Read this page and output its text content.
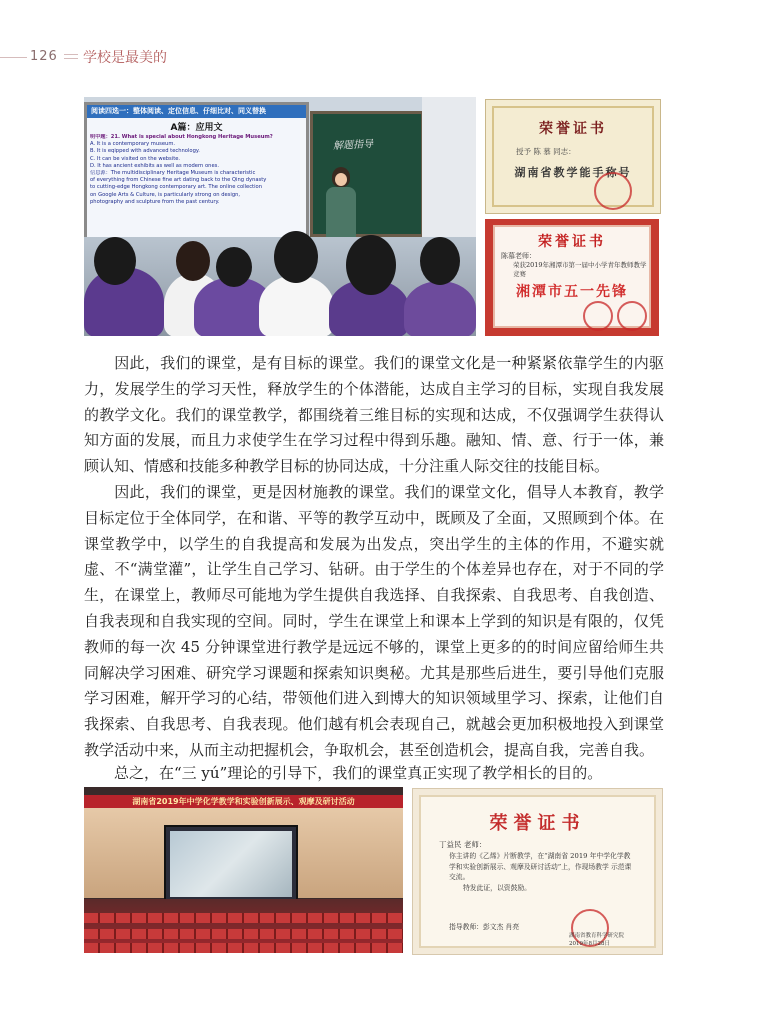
126 学校是最美的
阅读四选一：整体阅读、定位信息、仔细比对、同义替换
A篇：应用文
明中题：21. What is special about Hongkong Heritage Museum?
A. It is a contemporary museum.
B. It is eqipped with advanced technology.
C. It can be visited on the website.
D. It has ancient exhibits as well as modern ones.
信息源：The multidisciplinary Heritage Museum is characteristic
of everything from Chinese fine art dating back to the Qing dynasty
to cutting-edge Hongkong contemporary art. The online collection
on Google Arts & Culture, is particularly strong on design,
photography and sculpture from the past century.
解题指导
荣誉证书
授予 陈 慕 同志：
湖南省教学能手称号
荣誉证书
陈慕老师：
荣获2019年湘潭市第一届中小学青年教师教学竞赛
湘潭市五一先锋
因此，我们的课堂，是有目标的课堂。我们的课堂文化是一种紧紧依靠学生的内驱力，发展学生的学习天性，释放学生的个体潜能，达成自主学习的目标，实现自我发展的教学文化。我们的课堂教学，都围绕着三维目标的实现和达成，不仅强调学生获得认知方面的发展，而且力求使学生在学习过程中得到乐趣。融知、情、意、行于一体，兼顾认知、情感和技能多种教学目标的协同达成，十分注重人际交往的技能目标。
因此，我们的课堂，更是因材施教的课堂。我们的课堂文化，倡导人本教育，教学目标定位于全体同学，在和谐、平等的教学互动中，既顾及了全面，又照顾到个体。在课堂教学中，以学生的自我提高和发展为出发点，突出学生的主体的作用，不避实就虚、不“满堂灌”，让学生自己学习、钻研。由于学生的个体差异也存在，对于不同的学生，在课堂上，教师尽可能地为学生提供自我选择、自我探索、自我思考、自我创造、自我表现和自我实现的空间。同时，学生在课堂上和课本上学到的知识是有限的，仅凭教师的每一次 45 分钟课堂进行教学是远远不够的，课堂上更多的的时间应留给师生共同解决学习困难、研究学习课题和探索知识奥秘。尤其是那些后进生，要引导他们克服学习困难，解开学习的心结，带领他们进入到博大的知识领域里学习、探索，让他们自我探索、自我思考、自我表现。他们越有机会表现自己，就越会更加积极地投入到课堂教学活动中来，从而主动把握机会，争取机会，甚至创造机会，提高自我，完善自我。
总之，在“三 yú”理论的引导下，我们的课堂真正实现了教学相长的目的。
湖南省2019年中学化学教学和实验创新展示、观摩及研讨活动
荣誉证书
丁益民 老师：
你主讲的《乙烯》片断教学，在“湖南省 2019 年中学化学教学和实验创新展示、观摩及研讨活动”上，作现场教学 示范课 交流。
特发此证，以资鼓励。
指导教师：彭文杰 肖亮
湖南省教育科学研究院
2019年8月28日
